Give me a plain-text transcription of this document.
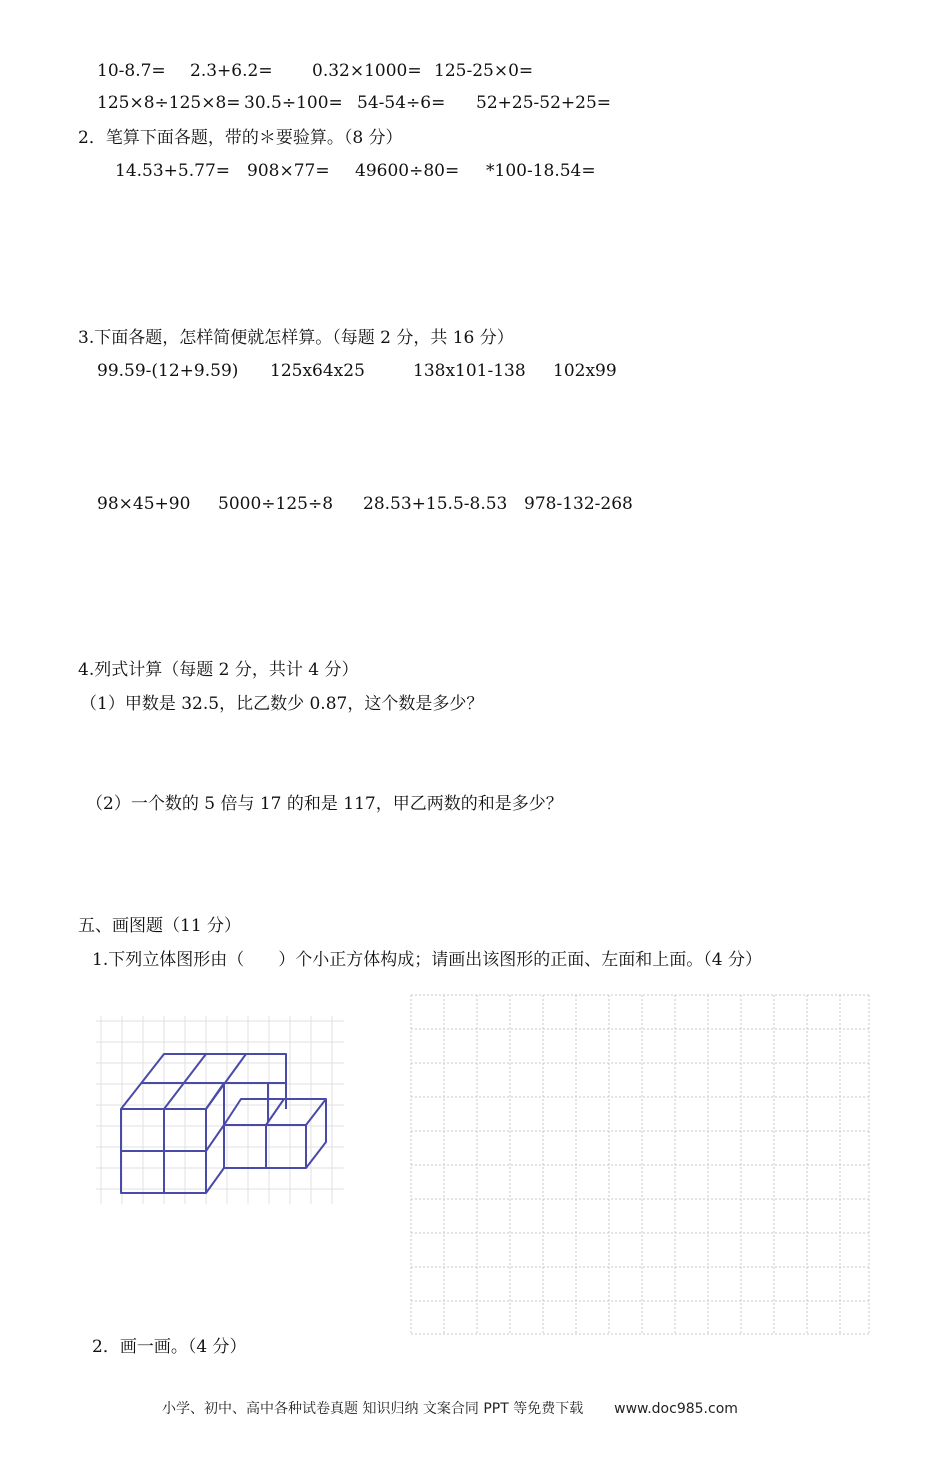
10-8.7= 2.3+6.2= 0.32×1000= 125-25×0=
125×8÷125×8= 30.5÷100= 54-54÷6= 52+25-52+25=
2．笔算下面各题，带的＊要验算。（8 分）
14.53+5.77= 908×77= 49600÷80= *100-18.54=
3.下面各题，怎样简便就怎样算。（每题 2 分，共 16 分）
99.59-(12+9.59) 125x64x25	138x101-138 102x99
98×45+90 5000÷125÷8 28.53+15.5-8.53 978-132-268
4.列式计算（每题 2 分，共计 4 分）
（1）甲数是 32.5，比乙数少 0.87，这个数是多少？
（2）一个数的 5 倍与 17 的和是 117，甲乙两数的和是多少？
五、画图题（11 分）
1.下列立体图形由（　　）个小正方体构成；请画出该图形的正面、左面和上面。（4 分）
2．画一画。（4 分）
小学、初中、高中各种试卷真题 知识归纳 文案合同 PPT 等免费下载 www.doc985.com
